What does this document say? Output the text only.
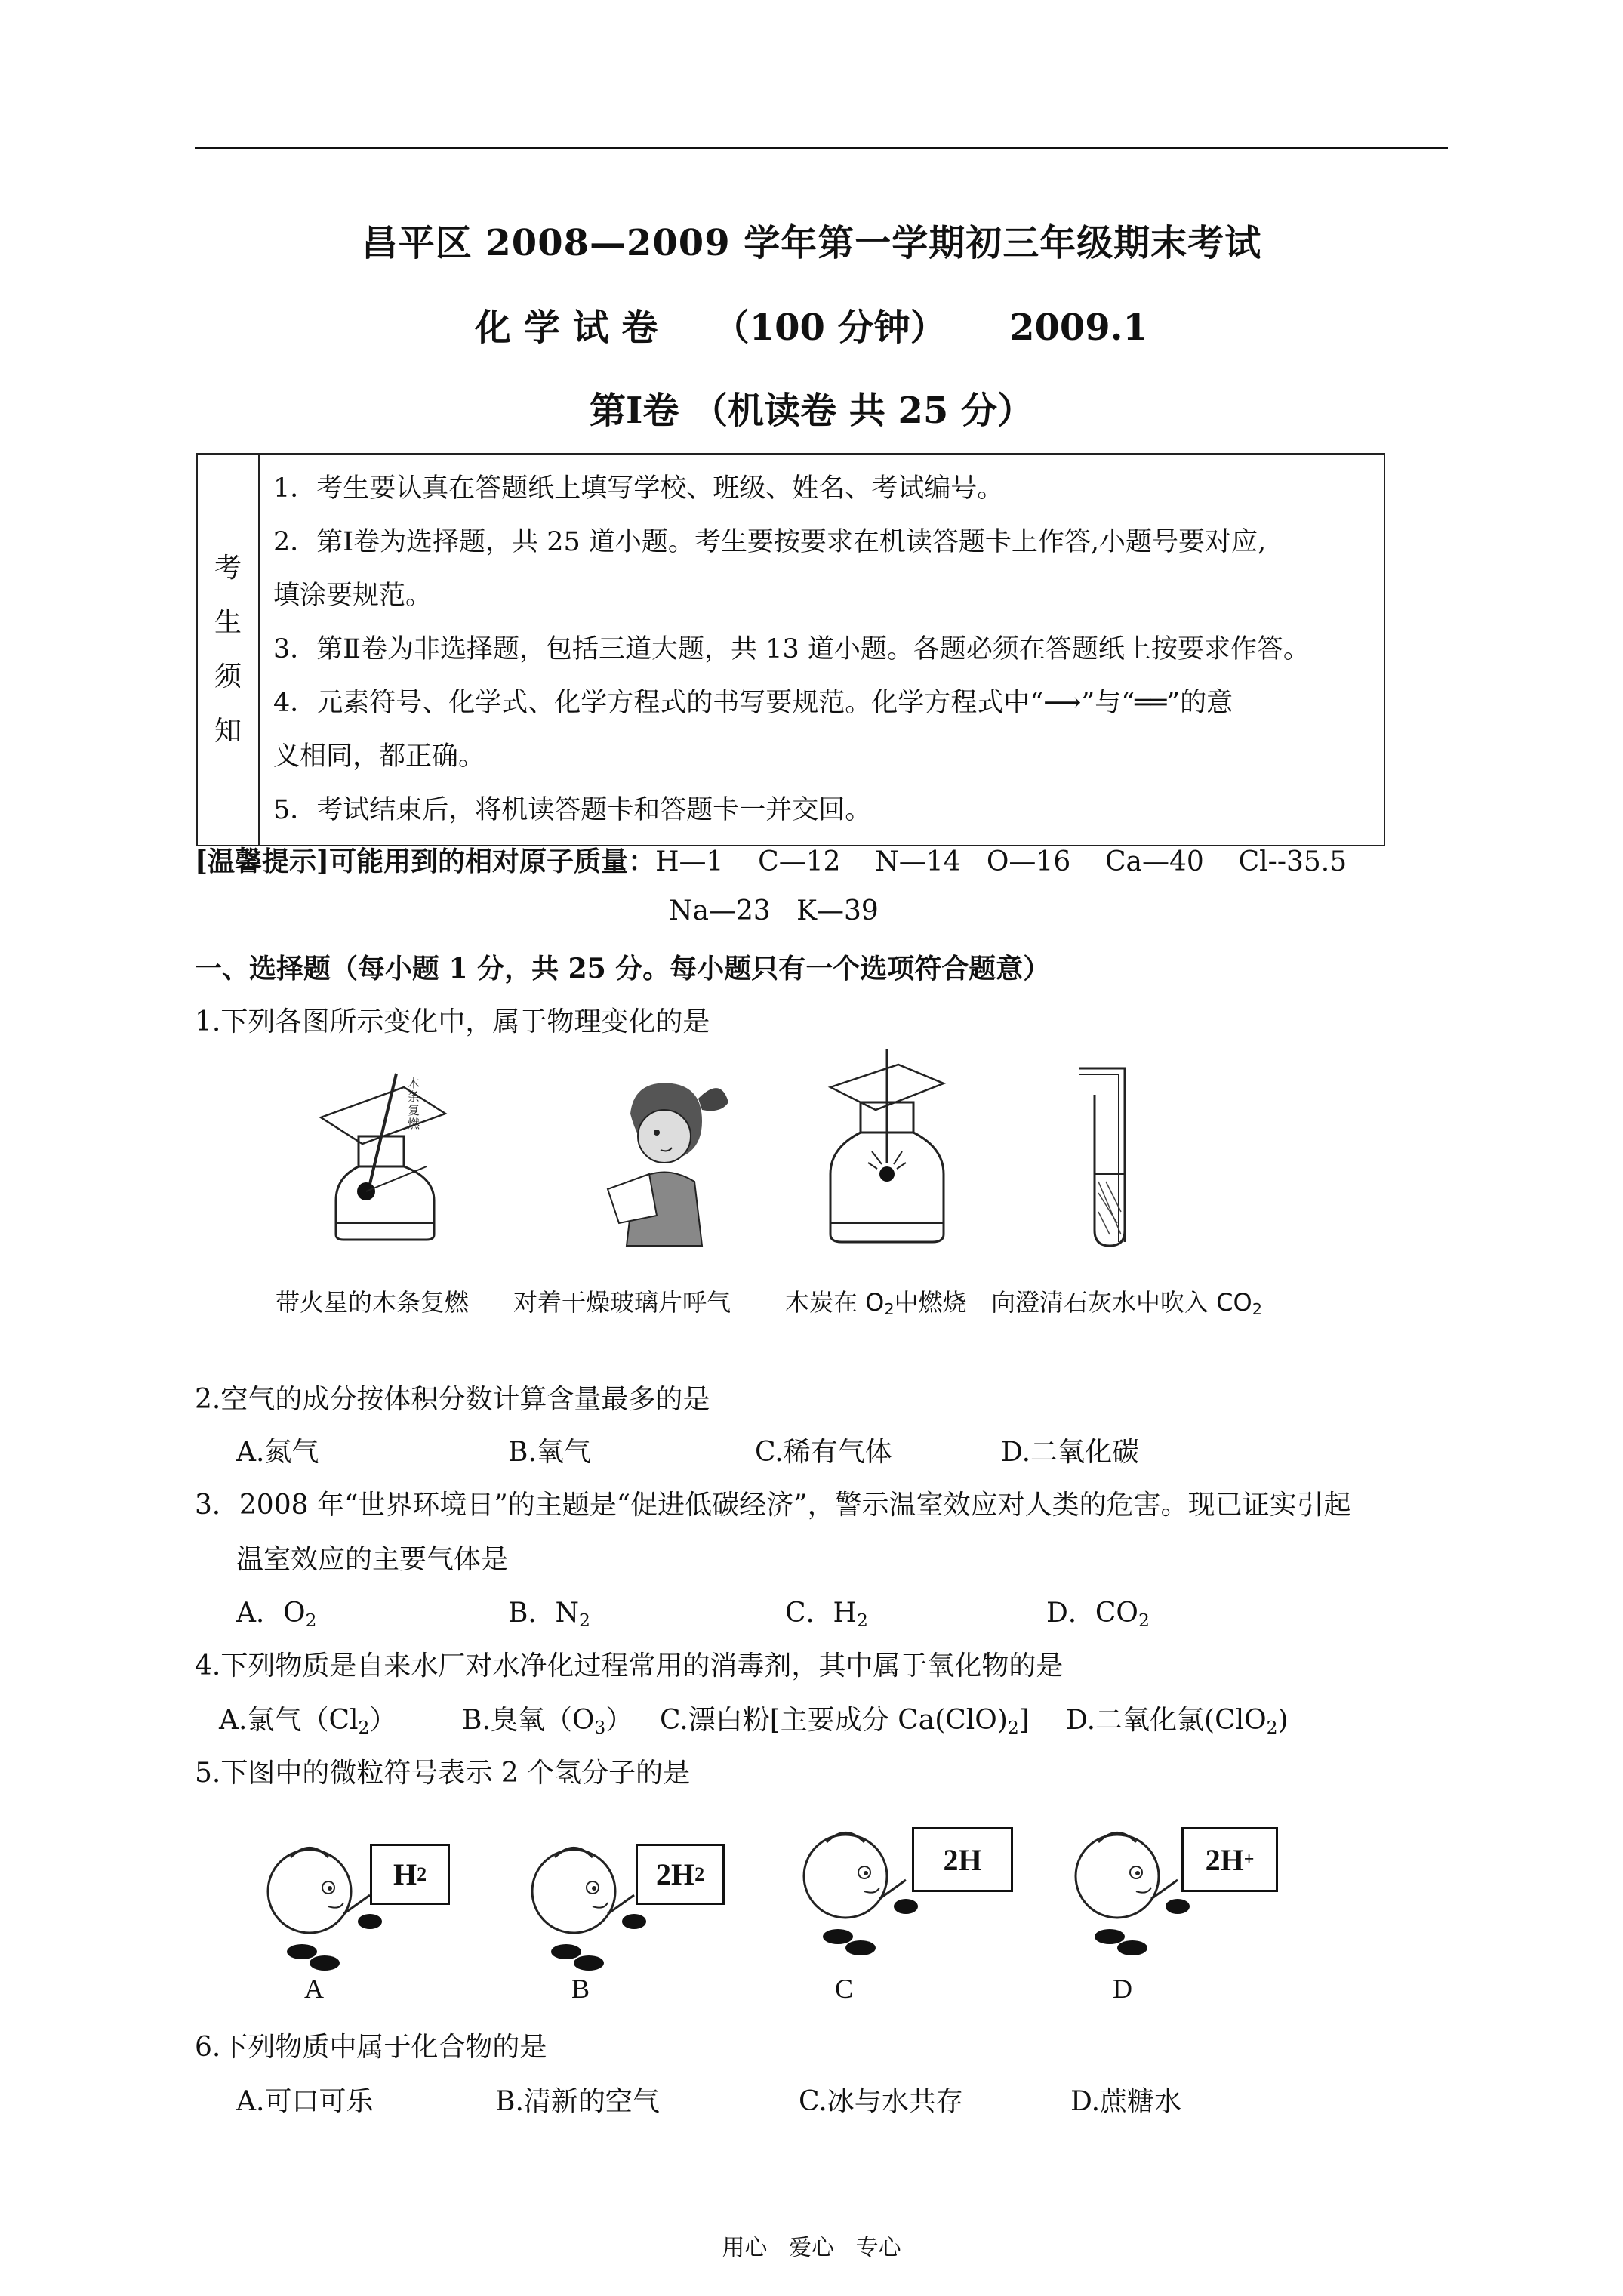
昌平区 2008—2009 学年第一学期初三年级期末考试
化 学 试 卷 （100 分钟） 2009.1
第Ⅰ卷 （机读卷 共 25 分）
考
生
须
知

1．考生要认真在答题纸上填写学校、班级、姓名、考试编号。
2．第Ⅰ卷为选择题，共 25 道小题。考生要按要求在机读答题卡上作答,小题号要对应,
填涂要规范。
3．第Ⅱ卷为非选择题，包括三道大题，共 13 道小题。各题必须在答题纸上按要求作答。
4．元素符号、化学式、化学方程式的书写要规范。化学方程式中“⟶”与“══”的意
义相同，都正确。
5．考试结束后，将机读答题卡和答题卡一并交回。
[温馨提示]可能用到的相对原子质量：H—1    C—12    N—14   O—16    Ca—40    Cl--35.5
Na—23   K—39
一、选择题（每小题 1 分，共 25 分。每小题只有一个选项符合题意）
1.下列各图所示变化中，属于物理变化的是
木条复燃
带火星的木条复燃 对着干燥玻璃片呼气 木炭在 $O_2$中燃烧 向澄清石灰水中吹入 $CO_2$
2.空气的成分按体积分数计算含量最多的是
A.氮气	B.氧气	C.稀有气体	D.二氧化碳
3．2008 年“世界环境日”的主题是“促进低碳经济”，警示温室效应对人类的危害。现已证实引起
温室效应的主要气体是
A．$O_2$	B．$N_2$	C．$H_2$	D．$CO_2$
4.下列物质是自来水厂对水净化过程常用的消毒剂，其中属于氧化物的是
A.氯气$(Cl_2)$ B.臭氧$(O_3)$ C.漂白粉[主要成分 $Ca(ClO)_2$] D.二氧化氯(ClO$_2$)
5.下图中的微粒符号表示 2 个氢分子的是
H 2	2H 2	2H	2H +
A	B	C	D
6.下列物质中属于化合物的是
A.可口可乐	B.清新的空气	C.冰与水共存	D.蔗糖水
用心   爱心   专心
